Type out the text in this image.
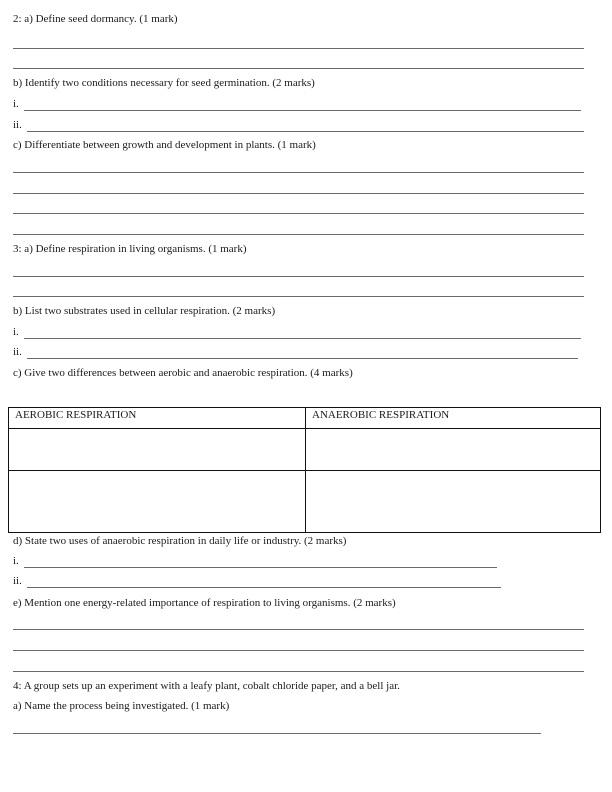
2: a) Define seed dormancy. (1 mark)
b) Identify two conditions necessary for seed germination. (2 marks)
i.
ii.
c) Differentiate between growth and development in plants. (1 mark)
3: a) Define respiration in living organisms. (1 mark)
b) List two substrates used in cellular respiration. (2 marks)
i.
ii.
c) Give two differences between aerobic and anaerobic respiration. (4 marks)
AEROBIC RESPIRATION	ANAEROBIC RESPIRATION

d) State two uses of anaerobic respiration in daily life or industry. (2 marks)
i.
ii.
e) Mention one energy-related importance of respiration to living organisms. (2 marks)
4: A group sets up an experiment with a leafy plant, cobalt chloride paper, and a bell jar.
a) Name the process being investigated. (1 mark)
